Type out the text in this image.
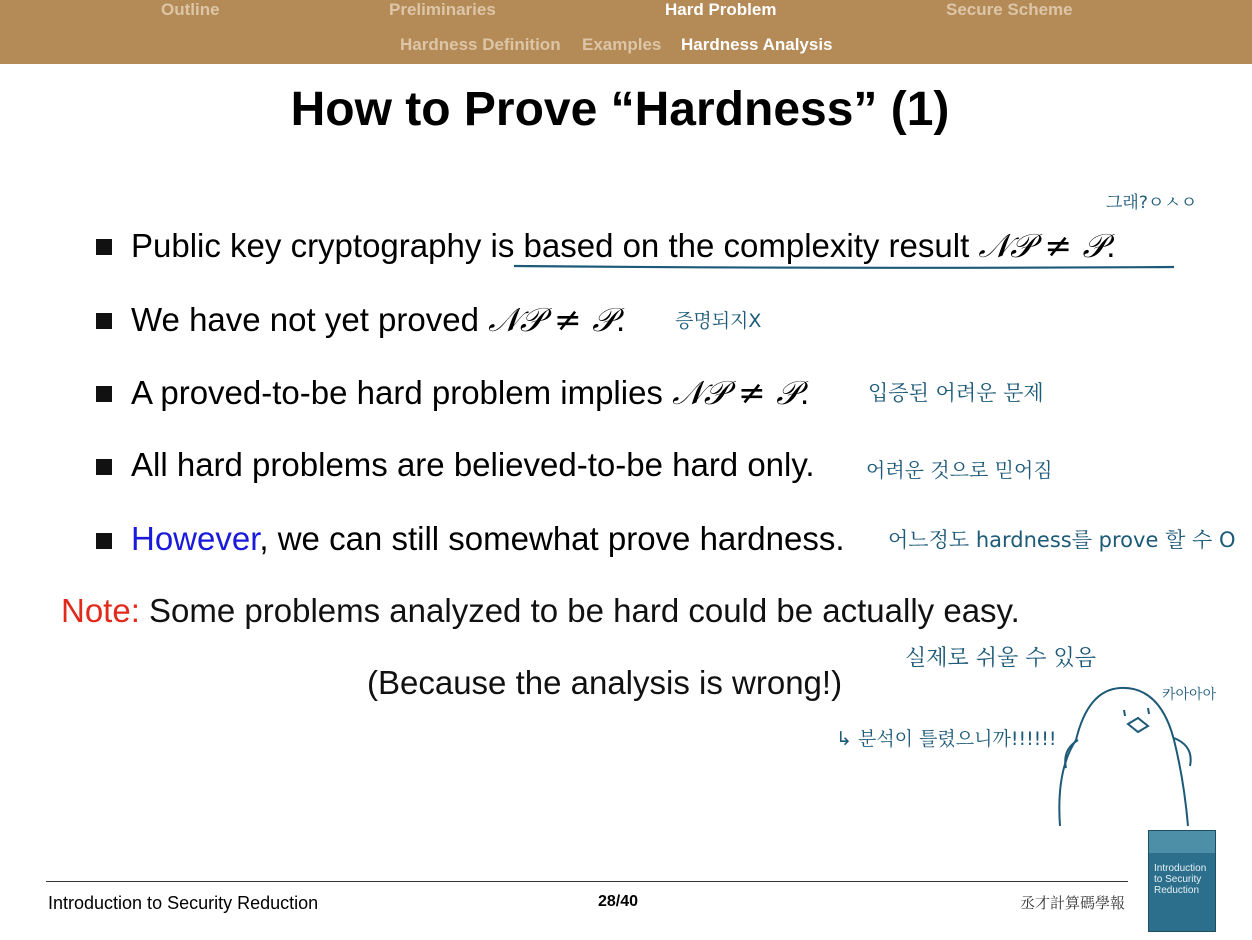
Outline	Preliminaries	Hard Problem	Secure Scheme
Hardness Definition Examples Hardness Analysis
How to Prove “Hardness” (1)
그래?ㅇㅅㅇ
Public key cryptography is based on the complexity result 𝒩𝒫 ≠ 𝒫.
We have not yet proved 𝒩𝒫 ≠ 𝒫.	증명되지X
A proved-to-be hard problem implies 𝒩𝒫 ≠ 𝒫.	입증된 어려운 문제
All hard problems are believed-to-be hard only.	어려운 것으로 믿어짐
However, we can still somewhat prove hardness. 어느정도 hardness를 prove 할 수 O
Note: Some problems analyzed to be hard could be actually easy.
실제로 쉬울 수 있음
(Because the analysis is wrong!)
↳ 분석이 틀렸으니까!!!!!!
카아아아
Introduction to Security Reduction	28/40	丞才計算碼學報
Introduction
to Security
Reduction
